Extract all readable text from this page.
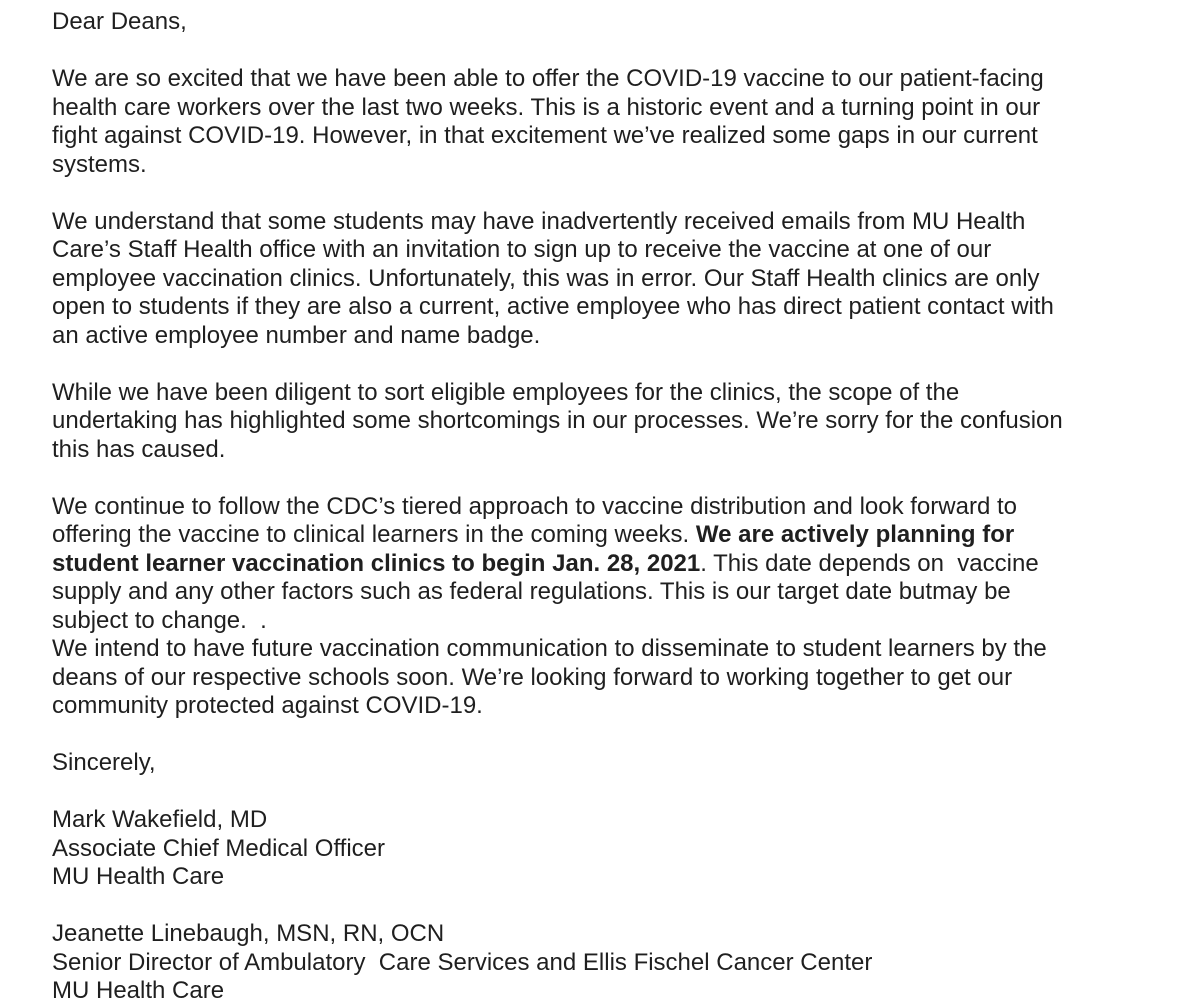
Dear Deans,
We are so excited that we have been able to offer the COVID-19 vaccine to our patient-facing
health care workers over the last two weeks. This is a historic event and a turning point in our
fight against COVID-19. However, in that excitement we’ve realized some gaps in our current
systems.
We understand that some students may have inadvertently received emails from MU Health
Care’s Staff Health office with an invitation to sign up to receive the vaccine at one of our
employee vaccination clinics. Unfortunately, this was in error. Our Staff Health clinics are only
open to students if they are also a current, active employee who has direct patient contact with
an active employee number and name badge.
While we have been diligent to sort eligible employees for the clinics, the scope of the
undertaking has highlighted some shortcomings in our processes. We’re sorry for the confusion
this has caused.
We continue to follow the CDC’s tiered approach to vaccine distribution and look forward to
offering the vaccine to clinical learners in the coming weeks. We are actively planning for
student learner vaccination clinics to begin Jan. 28, 2021. This date depends on  vaccine
supply and any other factors such as federal regulations. This is our target date butmay be
subject to change.  .
We intend to have future vaccination communication to disseminate to student learners by the
deans of our respective schools soon. We’re looking forward to working together to get our
community protected against COVID-19.
Sincerely,
Mark Wakefield, MD
Associate Chief Medical Officer
MU Health Care
Jeanette Linebaugh, MSN, RN, OCN
Senior Director of Ambulatory  Care Services and Ellis Fischel Cancer Center
MU Health Care
